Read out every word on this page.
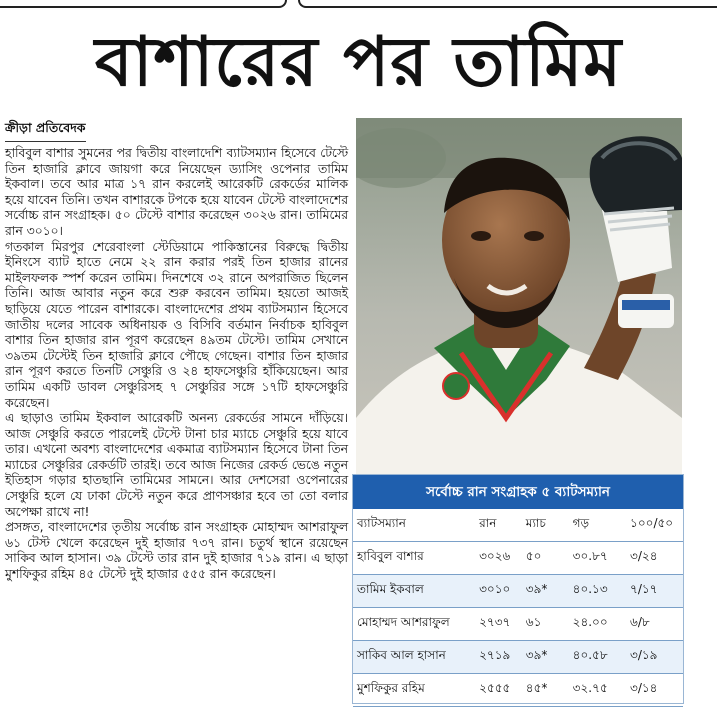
বাশারের পর তামিম
ক্রীড়া প্রতিবেদক

হাবিবুল বাশার সুমনের পর দ্বিতীয় বাংলাদেশি ব্যাটসম্যান হিসেবে টেস্টে তিন হাজারি ক্লাবে জায়গা করে নিয়েছেন ড্যাসিং ওপেনার তামিম ইকবাল। তবে আর মাত্র ১৭ রান করলেই আরেকটি রেকর্ডের মালিক হয়ে যাবেন তিনি। তখন বাশারকে টপকে হয়ে যাবেন টেস্টে বাংলাদেশের সর্বোচ্চ রান সংগ্রাহক। ৫০ টেস্টে বাশার করেছেন ৩০২৬ রান। তামিমের রান ৩০১০।

গতকাল মিরপুর শেরেবাংলা স্টেডিয়ামে পাকিস্তানের বিরুদ্ধে দ্বিতীয় ইনিংসে ব্যাট হাতে নেমে ২২ রান করার পরই তিন হাজার রানের মাইলফলক স্পর্শ করেন তামিম। দিনশেষে ৩২ রানে অপরাজিত ছিলেন তিনি। আজ আবার নতুন করে শুরু করবেন তামিম। হয়তো আজই ছাড়িয়ে যেতে পারেন বাশারকে। বাংলাদেশের প্রথম ব্যাটসম্যান হিসেবে জাতীয় দলের সাবেক অধিনায়ক ও বিসিবি বর্তমান নির্বাচক হাবিবুল বাশার তিন হাজার রান পূরণ করেছেন ৪৯তম টেস্টে। তামিম সেখানে ৩৯তম টেস্টেই তিন হাজারি ক্লাবে পৌছে গেছেন। বাশার তিন হাজার রান পূরণ করতে তিনটি সেঞ্চুরি ও ২৪ হাফসেঞ্চুরি হাঁকিয়েছেন। আর তামিম একটি ডাবল সেঞ্চুরিসহ ৭ সেঞ্চুরির সঙ্গে ১৭টি হাফসেঞ্চুরি করেছেন।

এ ছাড়াও তামিম ইকবাল আরেকটি অনন্য রেকর্ডের সামনে দাঁড়িয়ে। আজ সেঞ্চুরি করতে পারলেই টেস্টে টানা চার ম্যাচে সেঞ্চুরি হয়ে যাবে তার। এখনো অবশ্য বাংলাদেশের একমাত্র ব্যাটসম্যান হিসেবে টানা তিন ম্যাচের সেঞ্চুরির রেকর্ডটি তারই। তবে আজ নিজের রেকর্ড ভেঙে নতুন ইতিহাস গড়ার হাতছানি তামিমের সামনে। আর দেশসেরা ওপেনারের সেঞ্চুরি হলে যে ঢাকা টেস্টে নতুন করে প্রাণসঞ্চার হবে তা তো বলার অপেক্ষা রাখে না!

প্রসঙ্গত, বাংলাদেশের তৃতীয় সর্বোচ্চ রান সংগ্রাহক মোহাম্মদ আশরাফুল ৬১ টেস্ট খেলে করেছেন দুই হাজার ৭৩৭ রান। চতুর্থ স্থানে রয়েছেন সাকিব আল হাসান। ৩৯ টেস্টে তার রান দুই হাজার ৭১৯ রান। এ ছাড়া মুশফিকুর রহিম ৪৫ টেস্টে দুই হাজার ৫৫৫ রান করেছেন।

সর্বোচ্চ রান সংগ্রাহক ৫ ব্যাটসম্যান
ব্যাটসম্যান	রান	ম্যাচ	গড়	১০০/৫০
হাবিবুল বাশার	৩০২৬	৫০	৩০.৮৭	৩/২৪
তামিম ইকবাল	৩০১০	৩৯*	৪০.১৩	৭/১৭
মোহাম্মদ আশরাফুল	২৭৩৭	৬১	২৪.০০	৬/৮
সাকিব আল হাসান	২৭১৯	৩৯*	৪০.৫৮	৩/১৯
মুশফিকুর রহিম	২৫৫৫	৪৫*	৩২.৭৫	৩/১৪
